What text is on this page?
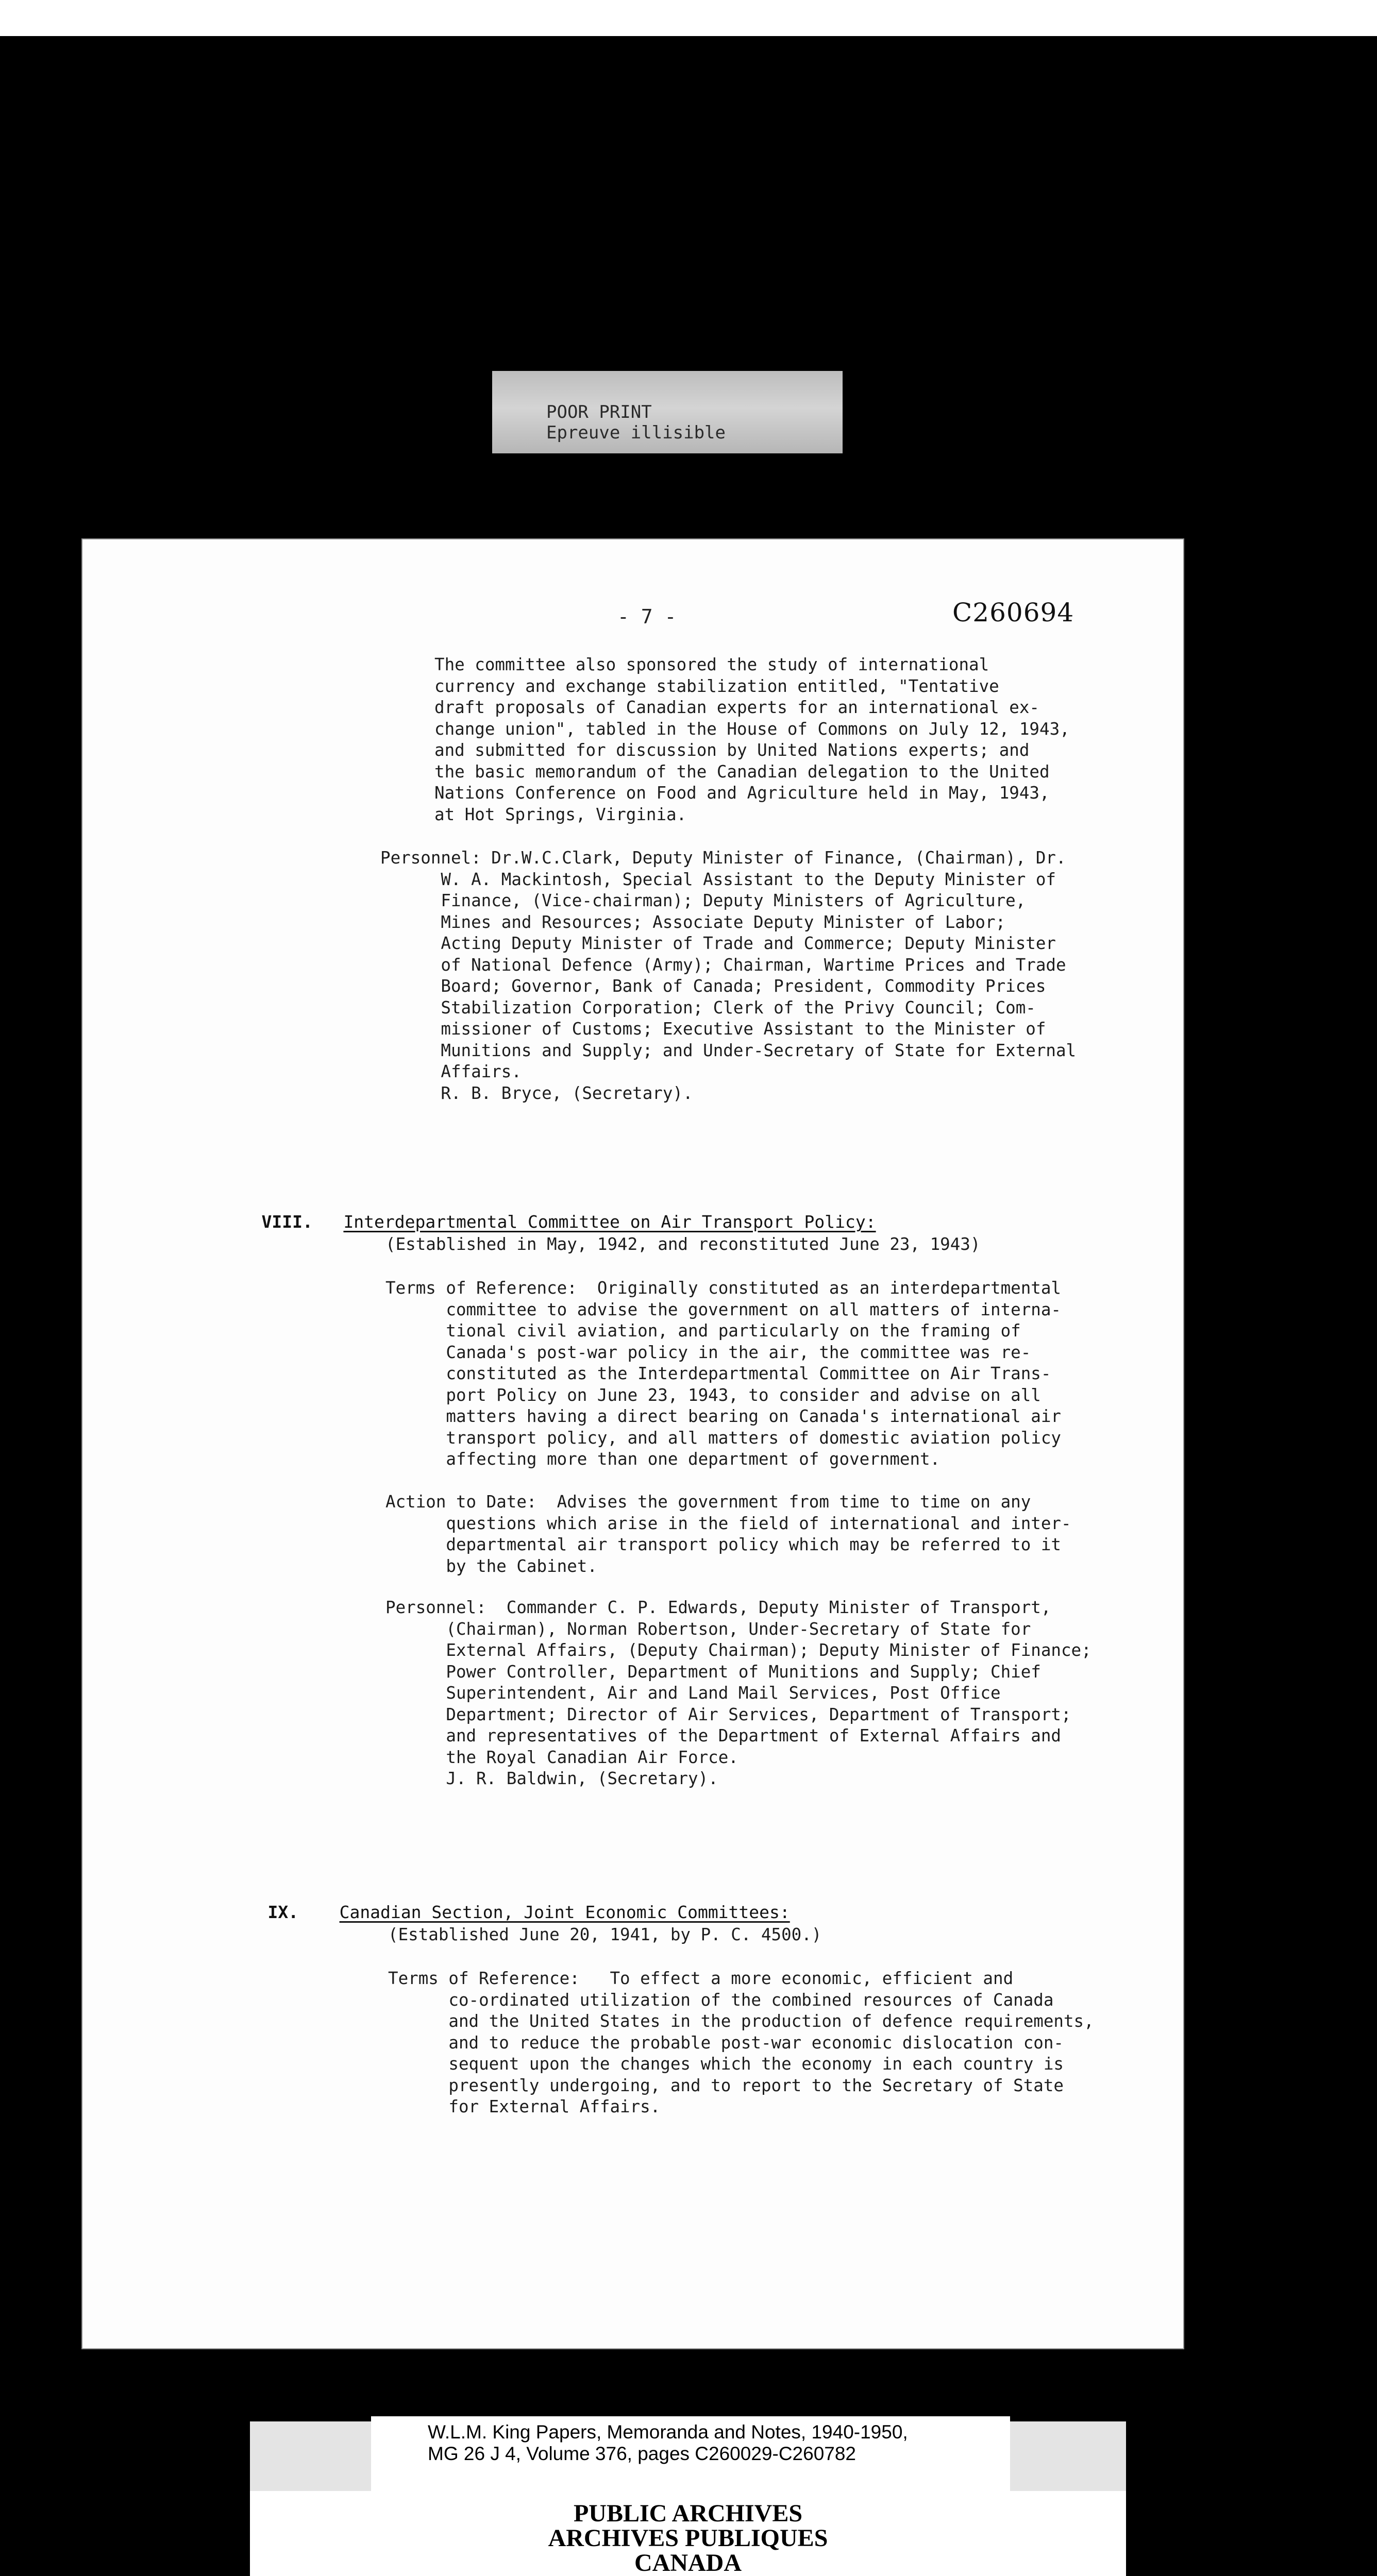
POOR PRINT
Epreuve illisible
- 7 -	C260694
The committee also sponsored the study of international
currency and exchange stabilization entitled, "Tentative
draft proposals of Canadian experts for an international ex-
change union", tabled in the House of Commons on July 12, 1943,
and submitted for discussion by United Nations experts; and
the basic memorandum of the Canadian delegation to the United
Nations Conference on Food and Agriculture held in May, 1943,
at Hot Springs, Virginia.
Personnel: Dr.W.C.Clark, Deputy Minister of Finance, (Chairman), Dr.
W. A. Mackintosh, Special Assistant to the Deputy Minister of
Finance, (Vice-chairman); Deputy Ministers of Agriculture,
Mines and Resources; Associate Deputy Minister of Labor;
Acting Deputy Minister of Trade and Commerce; Deputy Minister
of National Defence (Army); Chairman, Wartime Prices and Trade
Board; Governor, Bank of Canada; President, Commodity Prices
Stabilization Corporation; Clerk of the Privy Council; Com-
missioner of Customs; Executive Assistant to the Minister of
Munitions and Supply; and Under-Secretary of State for External
Affairs.
R. B. Bryce, (Secretary).

VIII. Interdepartmental Committee on Air Transport Policy:

(Established in May, 1942, and reconstituted June 23, 1943)
Terms of Reference:  Originally constituted as an interdepartmental
committee to advise the government on all matters of interna-
tional civil aviation, and particularly on the framing of
Canada's post-war policy in the air, the committee was re-
constituted as the Interdepartmental Committee on Air Trans-
port Policy on June 23, 1943, to consider and advise on all
matters having a direct bearing on Canada's international air
transport policy, and all matters of domestic aviation policy
affecting more than one department of government.
Action to Date:  Advises the government from time to time on any
questions which arise in the field of international and inter-
departmental air transport policy which may be referred to it
by the Cabinet.
Personnel:  Commander C. P. Edwards, Deputy Minister of Transport,
(Chairman), Norman Robertson, Under-Secretary of State for
External Affairs, (Deputy Chairman); Deputy Minister of Finance;
Power Controller, Department of Munitions and Supply; Chief
Superintendent, Air and Land Mail Services, Post Office
Department; Director of Air Services, Department of Transport;
and representatives of the Department of External Affairs and
the Royal Canadian Air Force.
J. R. Baldwin, (Secretary).

IX. Canadian Section, Joint Economic Committees:

(Established June 20, 1941, by P. C. 4500.)
Terms of Reference:   To effect a more economic, efficient and
co-ordinated utilization of the combined resources of Canada
and the United States in the production of defence requirements,
and to reduce the probable post-war economic dislocation con-
sequent upon the changes which the economy in each country is
presently undergoing, and to report to the Secretary of State
for External Affairs.
W.L.M. King Papers, Memoranda and Notes, 1940-1950,
MG 26 J 4, Volume 376, pages C260029-C260782
PUBLIC ARCHIVES
ARCHIVES PUBLIQUES
CANADA
